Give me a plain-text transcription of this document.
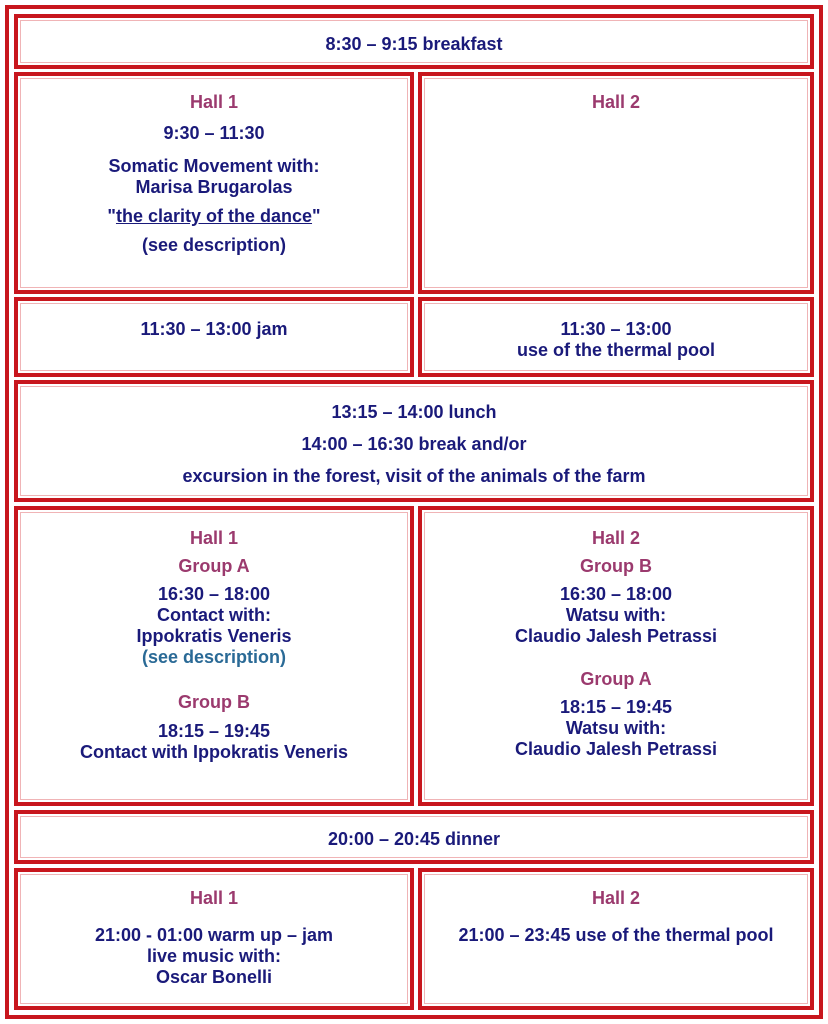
8:30 – 9:15 breakfast
Hall 1
9:30 – 11:30
Somatic Movement with:
Marisa Brugarolas
"the clarity of the dance"
(see description)
Hall 2
11:30 – 13:00 jam	11:30 – 13:00
use of the thermal pool
13:15 – 14:00 lunch
14:00 – 16:30 break and/or
excursion in the forest, visit of the animals of the farm
Hall 1
Group A
16:30 – 18:00
Contact with:
Ippokratis Veneris
(see description)
Group B
18:15 – 19:45
Contact with Ippokratis Veneris
Hall 2
Group B
16:30 – 18:00
Watsu with:
Claudio Jalesh Petrassi
Group A
18:15 – 19:45
Watsu with:
Claudio Jalesh Petrassi
20:00 – 20:45 dinner
Hall 1
21:00 - 01:00 warm up – jam
live music with:
Oscar Bonelli
Hall 2
21:00 – 23:45 use of the thermal pool
